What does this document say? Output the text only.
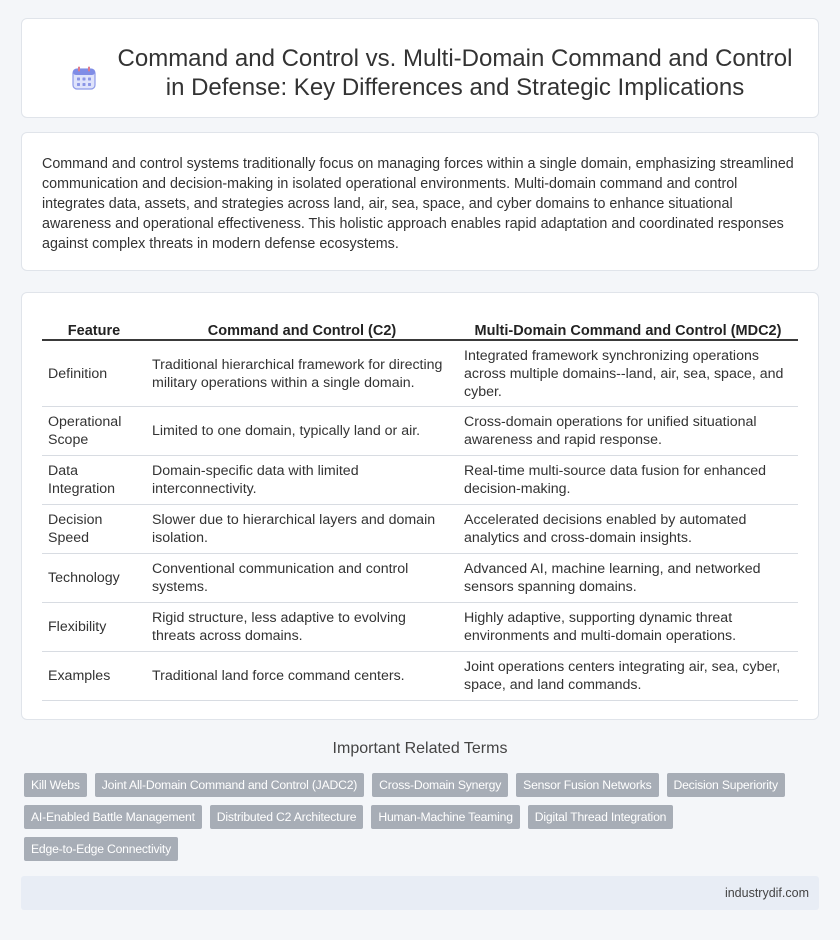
Command and Control vs. Multi-Domain Command and Control in Defense: Key Differences and Strategic Implications

Command and control systems traditionally focus on managing forces within a single domain, emphasizing streamlined communication and decision-making in isolated operational environments. Multi-domain command and control integrates data, assets, and strategies across land, air, sea, space, and cyber domains to enhance situational awareness and operational effectiveness. This holistic approach enables rapid adaptation and coordinated responses against complex threats in modern defense ecosystems.

Feature	Command and Control (C2)	Multi-Domain Command and Control (MDC2)
Definition	Traditional hierarchical framework for directing military operations within a single domain.	Integrated framework synchronizing operations across multiple domains--land, air, sea, space, and cyber.
Operational Scope	Limited to one domain, typically land or air.	Cross-domain operations for unified situational awareness and rapid response.
Data Integration	Domain-specific data with limited interconnectivity.	Real-time multi-source data fusion for enhanced decision-making.
Decision Speed	Slower due to hierarchical layers and domain isolation.	Accelerated decisions enabled by automated analytics and cross-domain insights.
Technology	Conventional communication and control systems.	Advanced AI, machine learning, and networked sensors spanning domains.
Flexibility	Rigid structure, less adaptive to evolving threats across domains.	Highly adaptive, supporting dynamic threat environments and multi-domain operations.
Examples	Traditional land force command centers.	Joint operations centers integrating air, sea, cyber, space, and land commands.
Important Related Terms
Kill Webs	Joint All-Domain Command and Control (JADC2)	Cross-Domain Synergy	Sensor Fusion Networks	Decision Superiority
AI-Enabled Battle Management	Distributed C2 Architecture	Human-Machine Teaming	Digital Thread Integration
Edge-to-Edge Connectivity
industrydif.com
